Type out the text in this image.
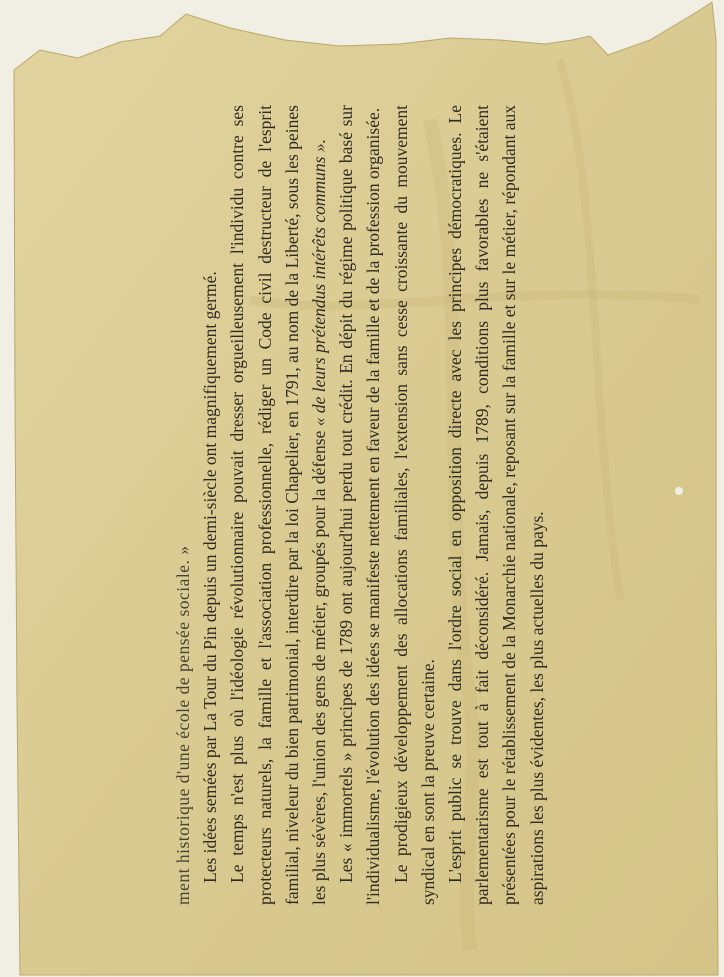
ment historique d'une école de pensée sociale. » Les idées semées par La Tour du Pin depuis un demi-siècle ont magnifiquement germé. Le temps n'est plus où l'idéologie révolutionnaire pouvait dresser orgueilleusement l'individu contre ses protecteurs naturels, la famille et l'association professionnelle, rédiger un Code civil destructeur de l'esprit familial, niveleur du bien patrimonial, interdire par la loi Chapelier, en 1791, au nom de la Liberté, sous les peines les plus sévères, l'union des gens de métier, groupés pour la défense « de leurs prétendus intérêts communs ». Les « immortels » principes de 1789 ont aujourd'hui perdu tout crédit. En dépit du régime politique basé sur l'individualisme, l'évolution des idées se manifeste nettement en faveur de la famille et de la profession organisée. Le prodigieux développement des allocations familiales, l'extension sans cesse croissante du mouvement syndical en sont la preuve certaine. L'esprit public se trouve dans l'ordre social en opposition directe avec les principes démocratiques. Le parlementarisme est tout à fait déconsidéré. Jamais, depuis 1789, conditions plus favorables ne s'étaient présentées pour le rétablissement de la Monarchie nationale, reposant sur la famille et sur le métier, répondant aux aspirations les plus évidentes, les plus actuelles du pays.
